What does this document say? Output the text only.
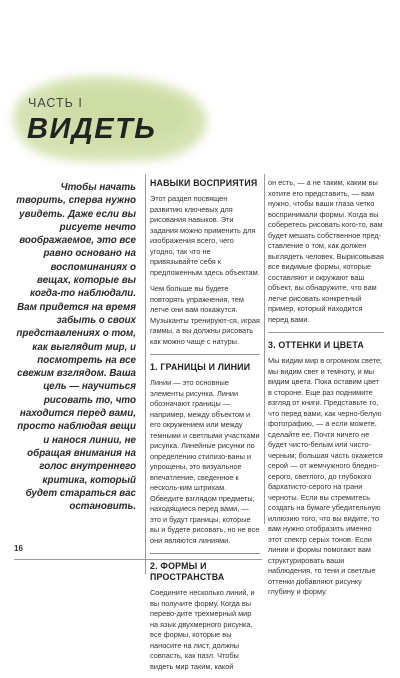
ЧАСТЬ I
ВИДЕТЬ

Чтобы начать творить, сперва нужно увидеть. Даже если вы рисуете нечто воображаемое, это все равно основано на воспоминаниях о вещах, которые вы когда-то наблюдали. Вам придется на время забыть о своих представлениях о том, как выглядит мир, и посмотреть на все свежим взглядом. Ваша цель — научиться рисовать то, что находится перед вами, просто наблюдая вещи и нанося линии, не обращая внимания на голос внутреннего критика, который будет стараться вас остановить.

НАВЫКИ ВОСПРИЯТИЯ

Этот раздел посвящен развитию ключевых для рисования навыков. Эти задания можно применить для изображения всего, чего угодно, так что не привязывайте себя к предложенным здесь объектам.

Чем больше вы будете повторять упражнения, тем легче они вам покажутся. Музыканты тренируют-ся, играя гаммы, а вы должны рисовать как можно чаще с натуры.

1. ГРАНИЦЫ И ЛИНИИ

Линии — это основные элементы рисунка. Линии обозначают границы — например, между объектом и его окружением или между темными и светлыми участками рисунка. Линейные рисунки по определению стилизо-ваны и упрощены, это визуальное впечатление, сведенное к несколь-ким штрихам. Обведите взглядом предметы, находящиеся перед вами, — это и будут границы, которые вы и будете рисовать, но не все они являются линиями.

2. ФОРМЫ И ПРОСТРАНСТВА

Соедините несколько линий, и вы получите форму. Когда вы перево-дите трехмерный мир на язык двухмерного рисунка, все формы, которые вы наносите на лист, должны совпасть, как пазл. Чтобы видеть мир таким, какой

он есть, — а не таким, каким вы хотите его представить, — вам нужно, чтобы ваши глаза четко воспринимали формы. Когда вы соберетесь рисовать кого-то, вам будет мешать собственное пред-ставление о том, как должен выглядеть человек. Вырисовывая все видимые формы, которые составляют и окружают ваш объект, вы обнаружите, что вам легче рисовать конкретный пример, который находится перед вами.

3. ОТТЕНКИ И ЦВЕТА

Мы видим мир в огромном свете; мы видим свет и темноту, и мы видим цвета. Пока оставим цвет в стороне. Еще раз поднимите взгляд от книги. Представьте то, что перед вами, как черно-белую фотографию, — а если можете, сделайте ее. Почти ничего не будет чисто-белым или чисто-черным; большая часть окажется серой — от жемчужного бледно-серого, светлого, до глубокого бархатисто-серого на грани черноты. Если вы стремитесь создать на бумаге убедительную иллюзию того, что вы видите, то вам нужно отобразить именно этот спектр серых тонов. Если линии и формы помогают вам структурировать ваши наблюдения, то тени и светлые оттенки добавляют рисунку глубину и форму.

16
